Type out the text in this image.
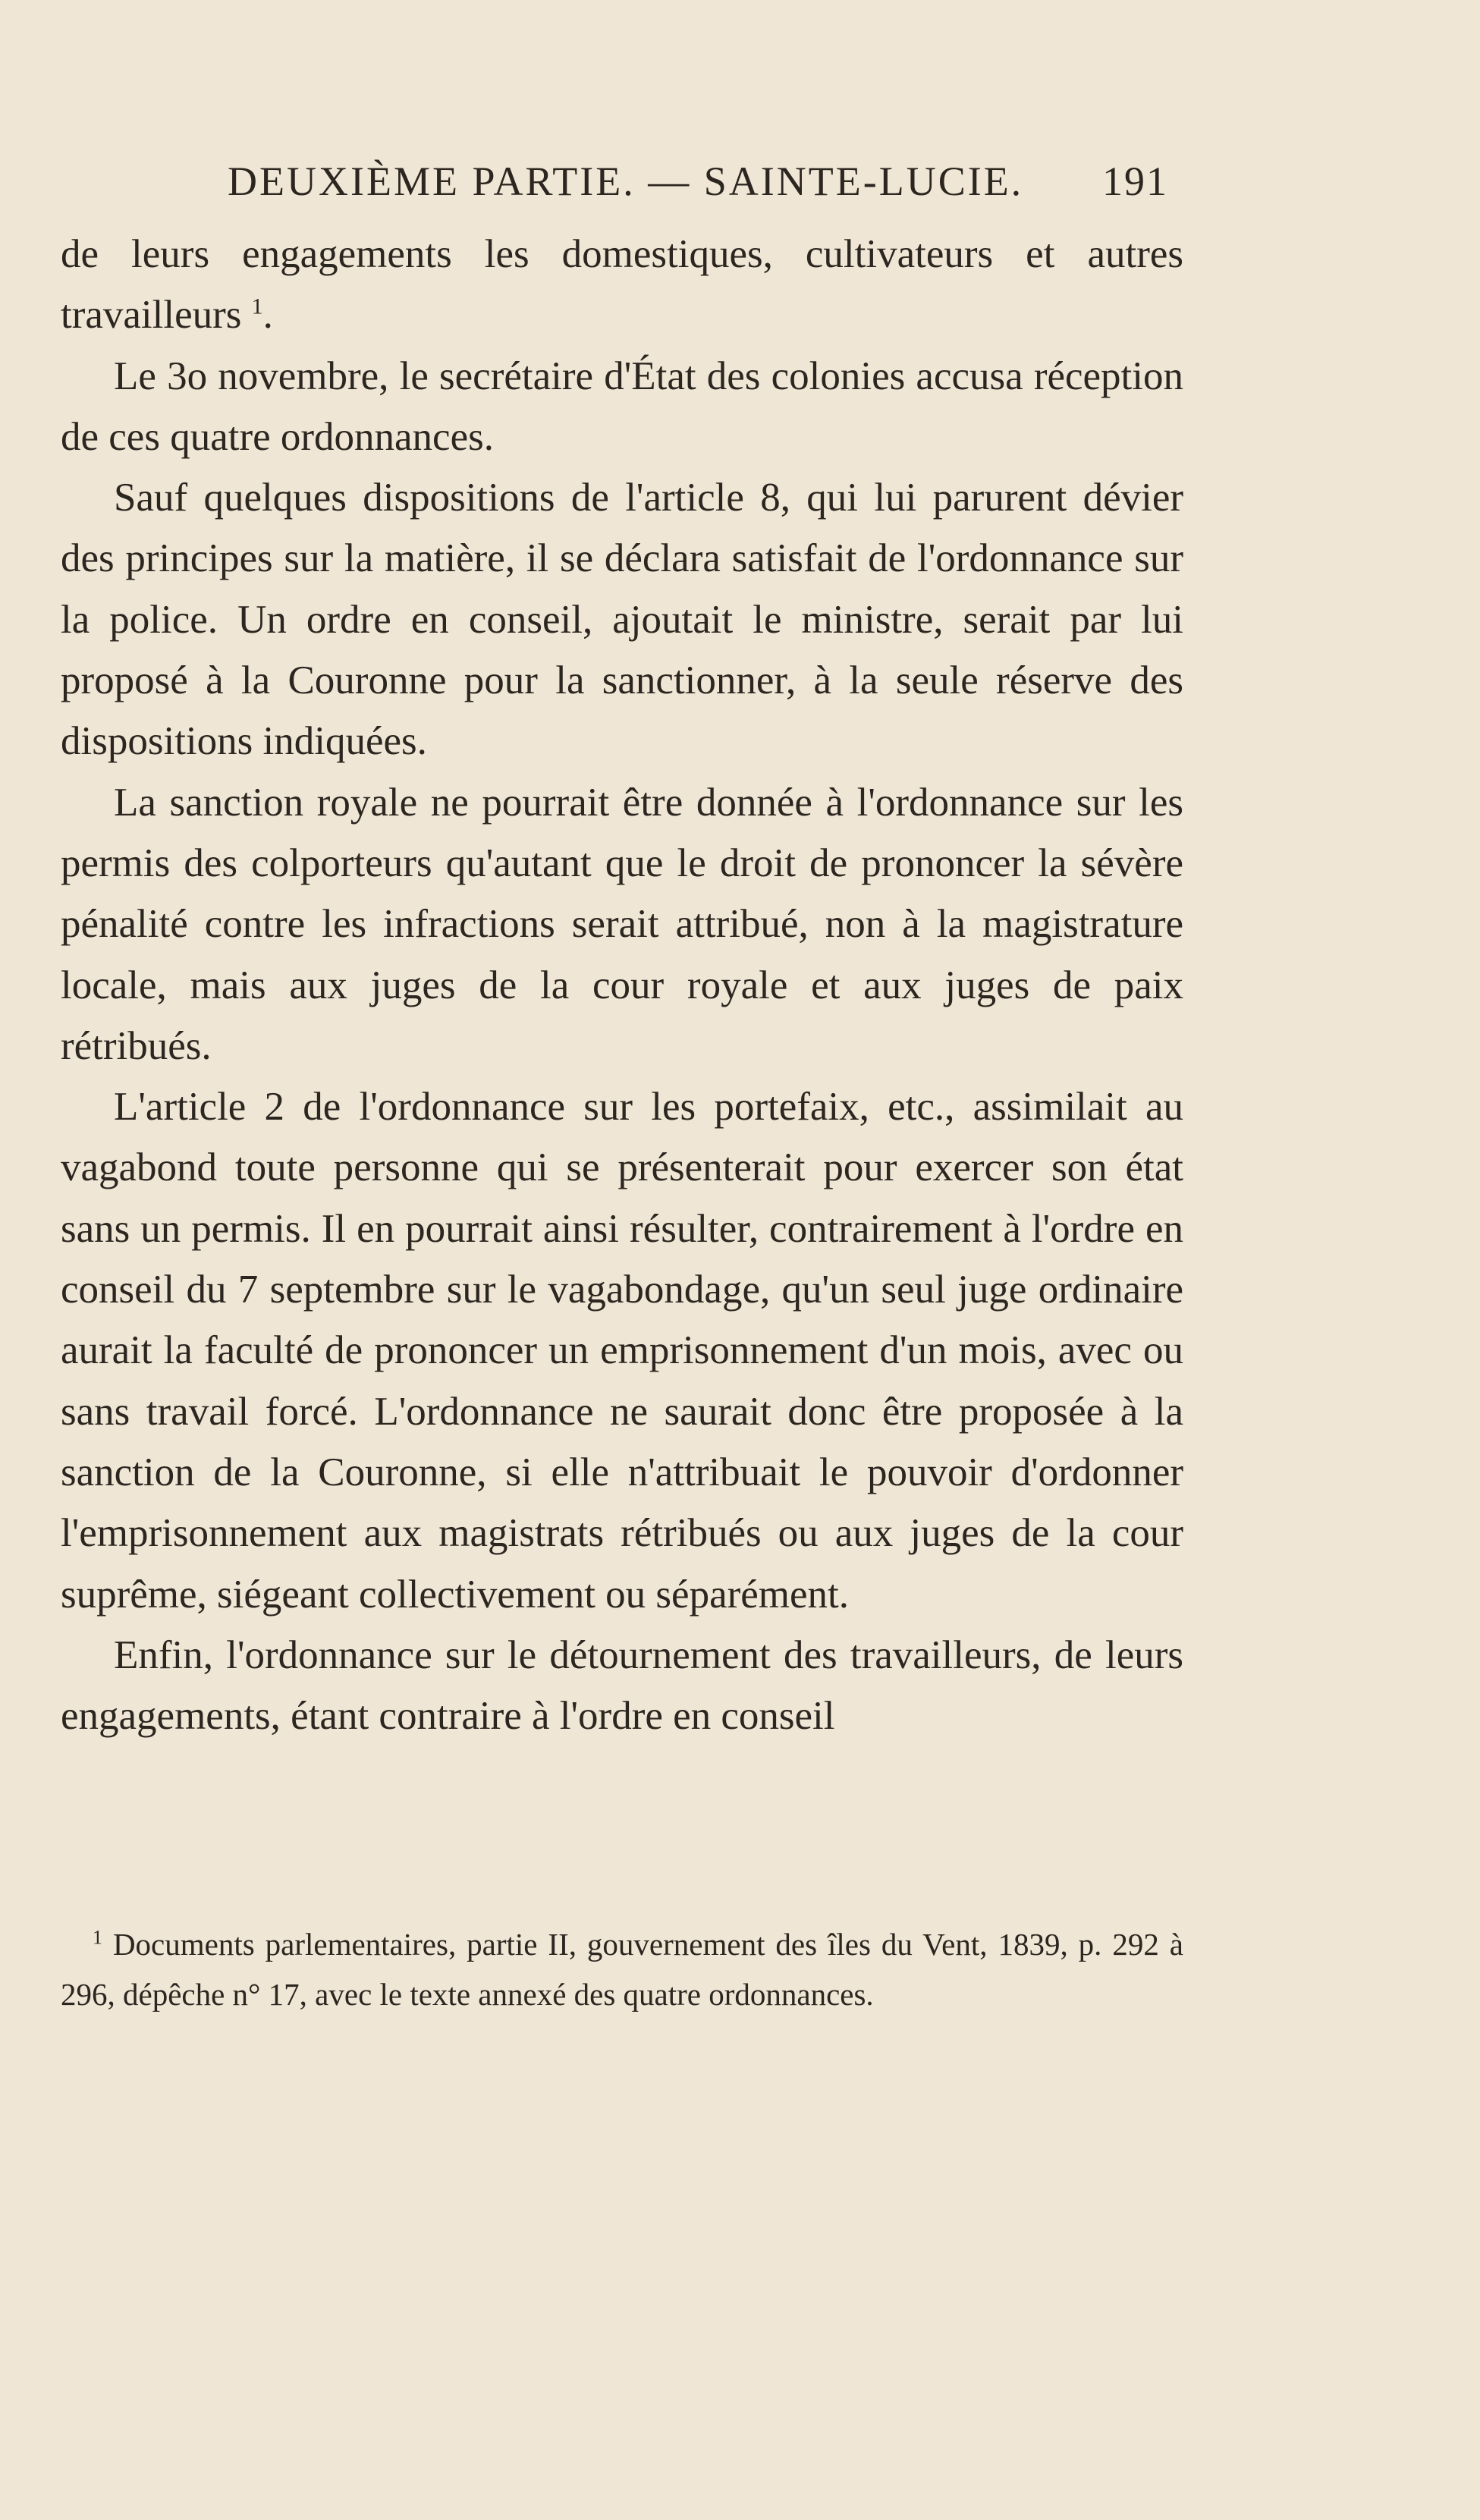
DEUXIÈME PARTIE. — SAINTE-LUCIE. 191

de leurs engagements les domestiques, cultivateurs et autres travailleurs $^1$.

Le 3o novembre, le secrétaire d'État des colonies accusa réception de ces quatre ordonnances.

Sauf quelques dispositions de l'article 8, qui lui parurent dévier des principes sur la matière, il se déclara satisfait de l'ordonnance sur la police. Un ordre en conseil, ajoutait le ministre, serait par lui proposé à la Couronne pour la sanctionner, à la seule réserve des dispositions indiquées.

La sanction royale ne pourrait être donnée à l'ordonnance sur les permis des colporteurs qu'autant que le droit de prononcer la sévère pénalité contre les infractions serait attribué, non à la magistrature locale, mais aux juges de la cour royale et aux juges de paix rétribués.

L'article 2 de l'ordonnance sur les portefaix, etc., assimilait au vagabond toute personne qui se présenterait pour exercer son état sans un permis. Il en pourrait ainsi résulter, contrairement à l'ordre en conseil du 7 septembre sur le vagabondage, qu'un seul juge ordinaire aurait la faculté de prononcer un emprisonnement d'un mois, avec ou sans travail forcé. L'ordonnance ne saurait donc être proposée à la sanction de la Couronne, si elle n'attribuait le pouvoir d'ordonner l'emprisonnement aux magistrats rétribués ou aux juges de la cour suprême, siégeant collectivement ou séparément.

Enfin, l'ordonnance sur le détournement des travailleurs, de leurs engagements, étant contraire à l'ordre en conseil

$^1$ Documents parlementaires, partie II, gouvernement des îles du Vent, 1839, p. 292 à 296, dépêche n° 17, avec le texte annexé des quatre ordonnances.
